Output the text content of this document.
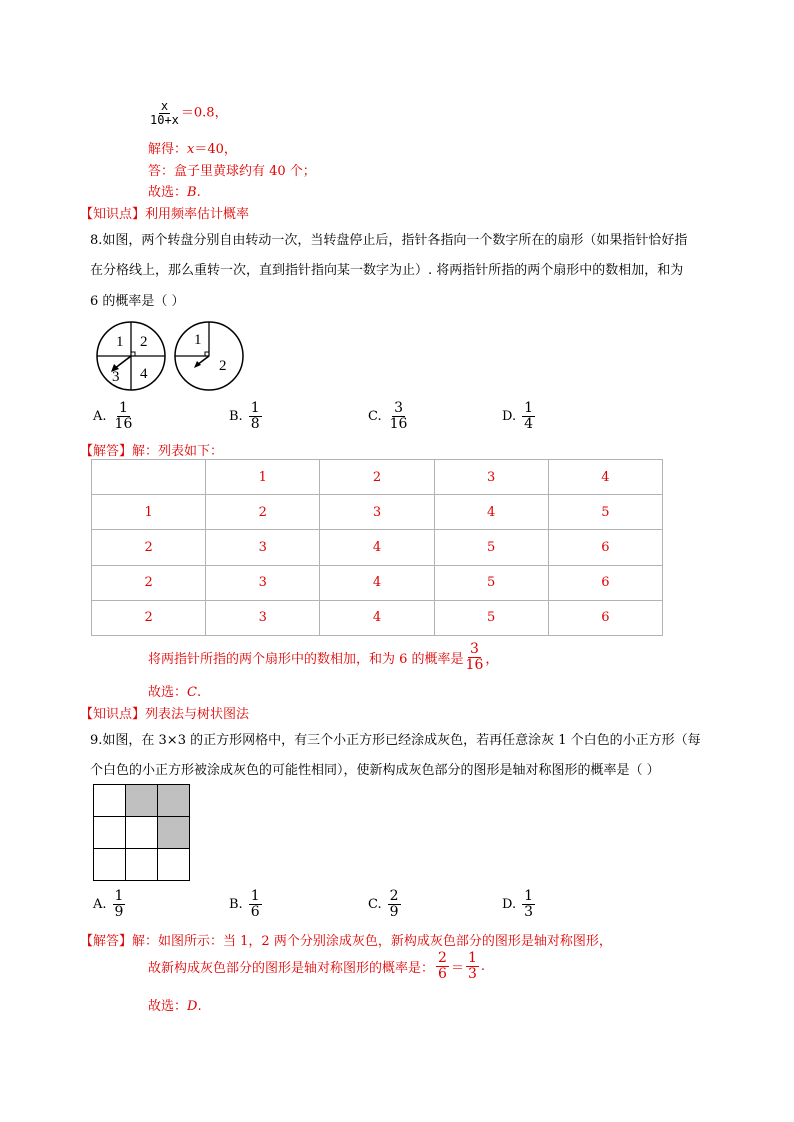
$\frac{x}{10+x} =0.8$，
解得：x＝40，
答：盒子里黄球约有 40 个；
故选：B.
【知识点】利用频率估计概率
8.如图，两个转盘分别自由转动一次，当转盘停止后，指针各指向一个数字所在的扇形（如果指针恰好指
在分格线上，那么重转一次，直到指针指向某一数字为止）. 将两指针所指的两个扇形中的数相加，和为
6 的概率是（ ）
1 2
3 4
1
2
A. $\frac{1}{16}$	B. $\frac{1}{8}$	C. $\frac{3}{16}$	D. $\frac{1}{4}$
【解答】解：列表如下：
	1	2	3	4
1	2	3	4	5
2	3	4	5	6
2	3	4	5	6
2	3	4	5	6
将两指针所指的两个扇形中的数相加，和为 6 的概率是 $\frac{3}{16}$ ，
故选：C.
【知识点】列表法与树状图法
9.如图，在 3×3 的正方形网格中，有三个小正方形已经涂成灰色，若再任意涂灰 1 个白色的小正方形（每
个白色的小正方形被涂成灰色的可能性相同），使新构成灰色部分的图形是轴对称图形的概率是（ ）
A. $\frac{1}{9}$	B. $\frac{1}{6}$	C. $\frac{2}{9}$	D. $\frac{1}{3}$
【解答】解：如图所示：当 1，2 两个分别涂成灰色，新构成灰色部分的图形是轴对称图形，
故新构成灰色部分的图形是轴对称图形的概率是： $\frac{2}{6} = \frac{1}{3}$ .
故选：D.
